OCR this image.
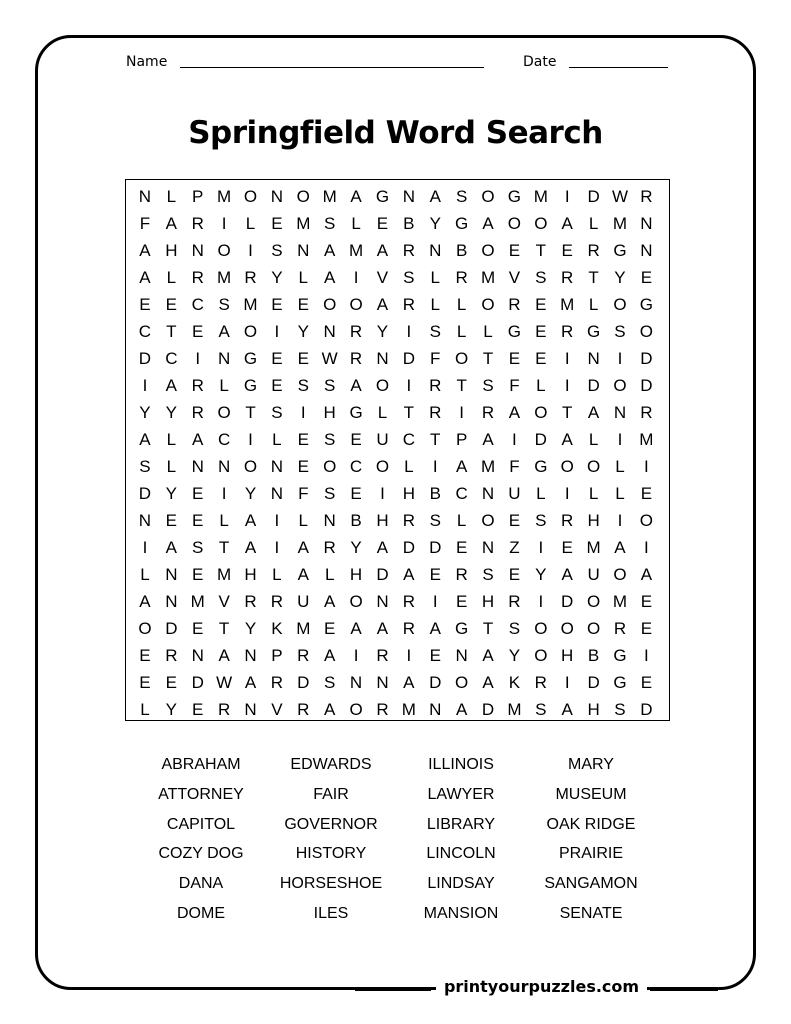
Name	Date
Springfield Word Search
N L P M O N O M A G N A S O G M I	D W R
F A R	I	L E M S L E B Y G A O O A L M N
A H N O I	S N A M A R N B O E T E R G N
A L R M R Y L A	I	V S L R M V S R T Y E
E E C S M E E O O A R L L O R E M L O G
C T E A O I	Y N R Y	I	S L L G E R G S O
D C	I	N G E E W R N D F O T E E	I	N	I	D
I	A R L G E S S A O I	R T S F L	I	D O D
Y Y R O T S	I	H G L T R	I	R A O T A N R
A L A C	I	L E S E U C T P A	I	D A L	I M
S L N N O N E O C O L	I	A M F G O O L	I
D Y E	I	Y N F S E	I	H B C N U L	I	L L E
N E E L A	I	L N B H R S L O E S R H	I O
I	A S T A	I	A R Y A D D E N Z	I	E M A	I
L N E M H L A L H D A E R S E Y A U O A
A N M V R R U A O N R	I	E H R	I	D O M E
O D E T Y K M E A A R A G T S O O O R E
E R N A N P R A	I	R	I	E N A Y O H B G I
E E D W A R D S N N A D O A K R	I	D G E
L Y E R N V R A O R M N A D M S A H S D
ABRAHAM	EDWARDS	ILLINOIS	MARY
ATTORNEY	FAIR	LAWYER	MUSEUM
CAPITOL	GOVERNOR	LIBRARY	OAK RIDGE
COZY DOG	HISTORY	LINCOLN	PRAIRIE
DANA	HORSESHOE	LINDSAY	SANGAMON
DOME	ILES	MANSION	SENATE
printyourpuzzles.com
